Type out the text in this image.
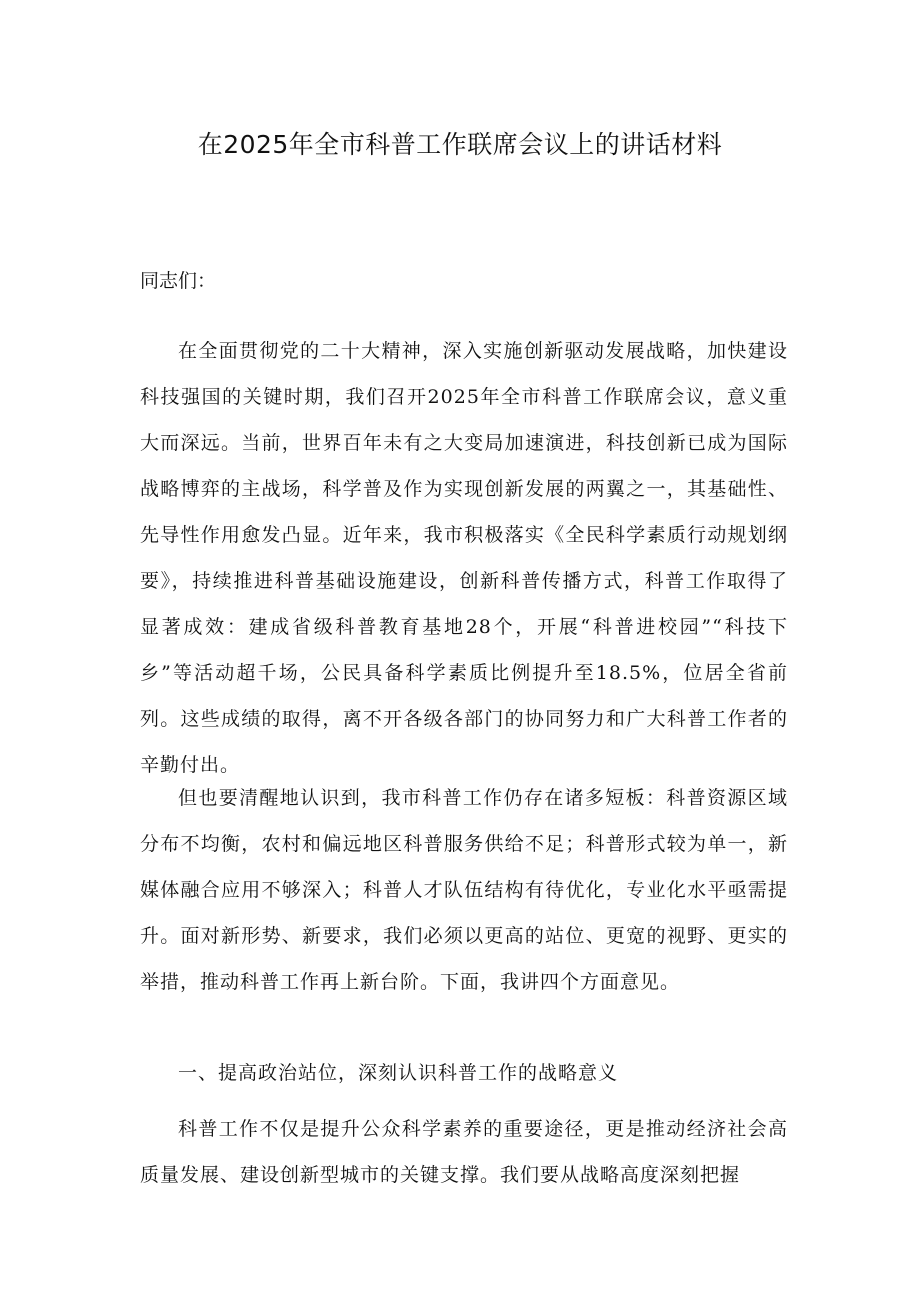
在2025年全市科普工作联席会议上的讲话材料

同志们：

在全面贯彻党的二十大精神，深入实施创新驱动发展战略，加快建设科技强国的关键时期，我们召开2025年全市科普工作联席会议，意义重大而深远。当前，世界百年未有之大变局加速演进，科技创新已成为国际战略博弈的主战场，科学普及作为实现创新发展的两翼之一，其基础性、先导性作用愈发凸显。近年来，我市积极落实《全民科学素质行动规划纲要》，持续推进科普基础设施建设，创新科普传播方式，科普工作取得了显著成效：建成省级科普教育基地28个，开展“科普进校园”“科技下乡”等活动超千场，公民具备科学素质比例提升至18.5%，位居全省前列。这些成绩的取得，离不开各级各部门的协同努力和广大科普工作者的辛勤付出。

但也要清醒地认识到，我市科普工作仍存在诸多短板：科普资源区域分布不均衡，农村和偏远地区科普服务供给不足；科普形式较为单一，新媒体融合应用不够深入；科普人才队伍结构有待优化，专业化水平亟需提升。面对新形势、新要求，我们必须以更高的站位、更宽的视野、更实的举措，推动科普工作再上新台阶。下面，我讲四个方面意见。

一、提高政治站位，深刻认识科普工作的战略意义

科普工作不仅是提升公众科学素养的重要途径，更是推动经济社会高质量发展、建设创新型城市的关键支撑。我们要从战略高度深刻把握
